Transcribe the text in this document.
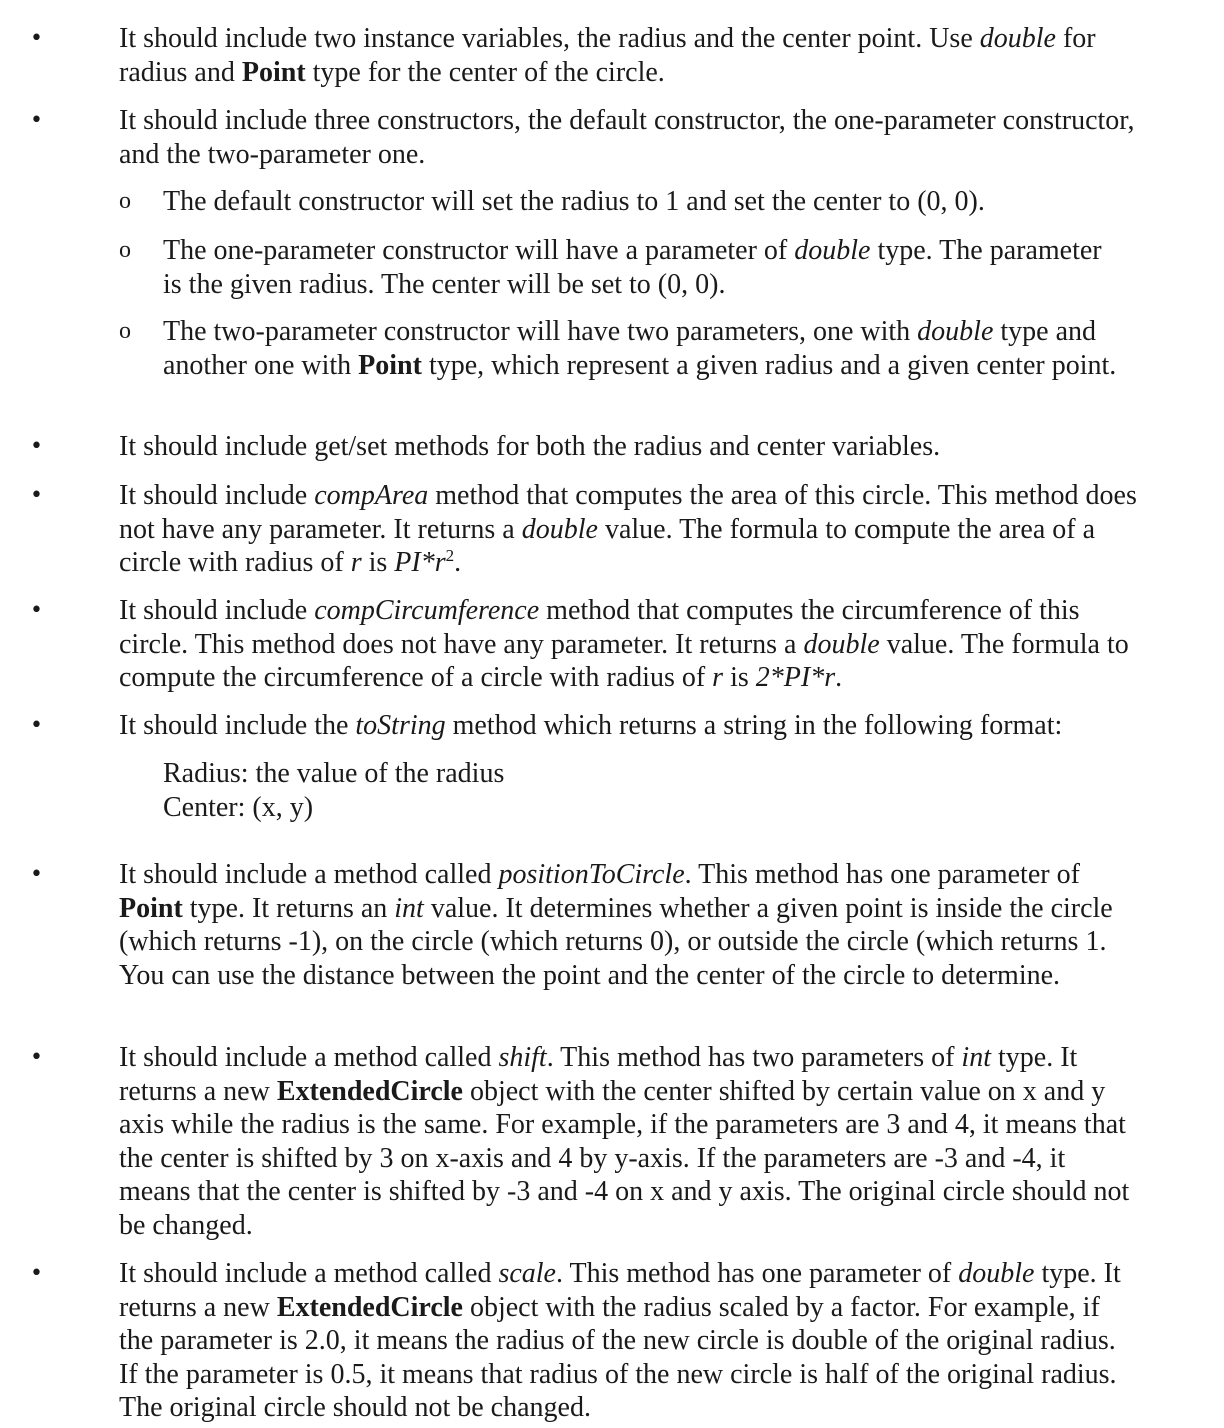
•	It should include two instance variables, the radius and the center point. Use double for radius and Point type for the center of the circle.
•	It should include three constructors, the default constructor, the one-parameter constructor, and the two-parameter one.
o The default constructor will set the radius to 1 and set the center to (0, 0).
o The one-parameter constructor will have a parameter of double type. The parameter is the given radius. The center will be set to (0, 0).
o The two-parameter constructor will have two parameters, one with double type and another one with Point type, which represent a given radius and a given center point.
•	It should include get/set methods for both the radius and center variables.
•	It should include compArea method that computes the area of this circle. This method does not have any parameter. It returns a double value. The formula to compute the area of a circle with radius of r is $PI*r^2$.
•	It should include compCircumference method that computes the circumference of this circle. This method does not have any parameter. It returns a double value. The formula to compute the circumference of a circle with radius of r is 2*PI*r.
•	It should include the toString method which returns a string in the following format:
Radius: the value of the radius
Center: (x, y)
•	It should include a method called positionToCircle. This method has one parameter of Point type. It returns an int value. It determines whether a given point is inside the circle (which returns -1), on the circle (which returns 0), or outside the circle (which returns 1. You can use the distance between the point and the center of the circle to determine.
•	It should include a method called shift. This method has two parameters of int type. It returns a new ExtendedCircle object with the center shifted by certain value on x and y axis while the radius is the same. For example, if the parameters are 3 and 4, it means that the center is shifted by 3 on x-axis and 4 by y-axis. If the parameters are -3 and -4, it means that the center is shifted by -3 and -4 on x and y axis. The original circle should not be changed.
•	It should include a method called scale. This method has one parameter of double type. It returns a new ExtendedCircle object with the radius scaled by a factor. For example, if the parameter is 2.0, it means the radius of the new circle is double of the original radius. If the parameter is 0.5, it means that radius of the new circle is half of the original radius. The original circle should not be changed.
